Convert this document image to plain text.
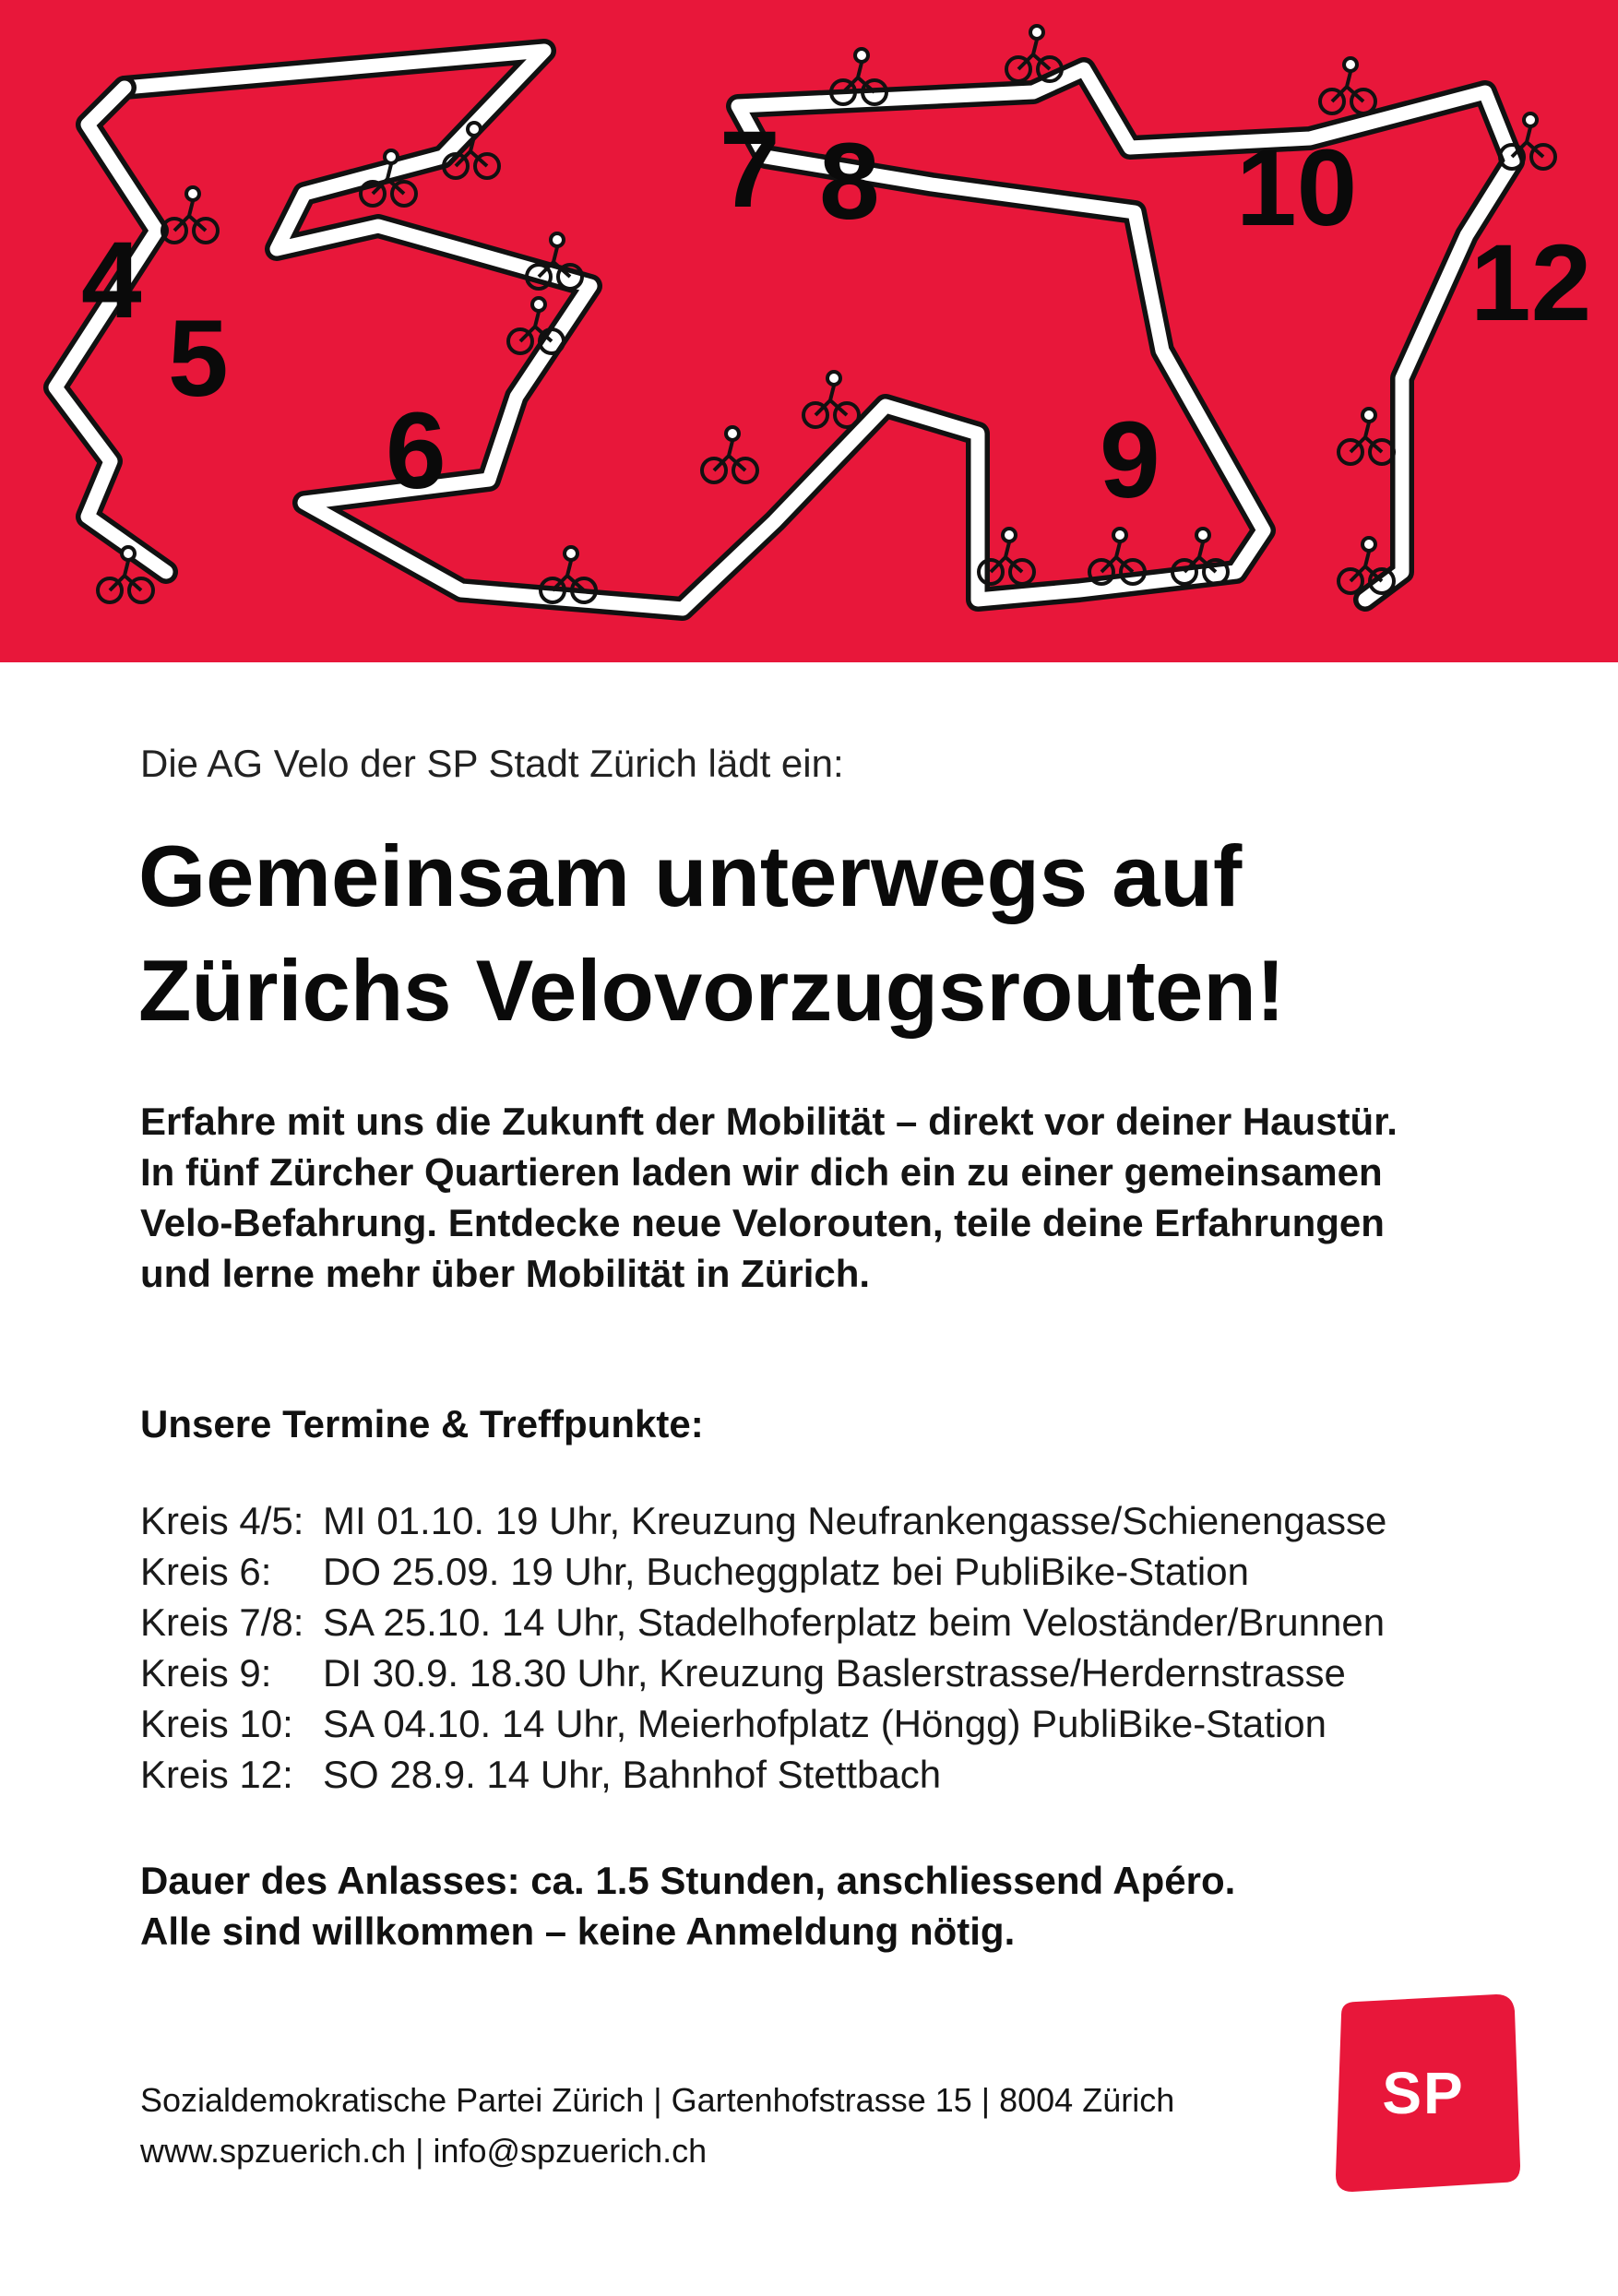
4
5
6
7 8
9
10
12
Die AG Velo der SP Stadt Zürich lädt ein:
Gemeinsam unterwegs auf
Zürichs Velovorzugsrouten!

Erfahre mit uns die Zukunft der Mobilität – direkt vor deiner Haustür.
In fünf Zürcher Quartieren laden wir dich ein zu einer gemeinsamen
Velo-Befahrung. Entdecke neue Velorouten, teile deine Erfahrungen
und lerne mehr über Mobilität in Zürich.

Unsere Termine & Treffpunkte:
Kreis 4/5: MI 01.10. 19 Uhr, Kreuzung Neufrankengasse/Schienengasse
Kreis 6:	DO 25.09. 19 Uhr, Bucheggplatz bei PubliBike-Station
Kreis 7/8: SA 25.10. 14 Uhr, Stadelhoferplatz beim Veloständer/Brunnen
Kreis 9:	DI 30.9. 18.30 Uhr, Kreuzung Baslerstrasse/Herdernstrasse
Kreis 10: SA 04.10. 14 Uhr, Meierhofplatz (Höngg) PubliBike-Station
Kreis 12: SO 28.9. 14 Uhr, Bahnhof Stettbach
Dauer des Anlasses: ca. 1.5 Stunden, anschliessend Apéro.
Alle sind willkommen – keine Anmeldung nötig.
Sozialdemokratische Partei Zürich | Gartenhofstrasse 15 | 8004 Zürich
www.spzuerich.ch | info@spzuerich.ch
SP
